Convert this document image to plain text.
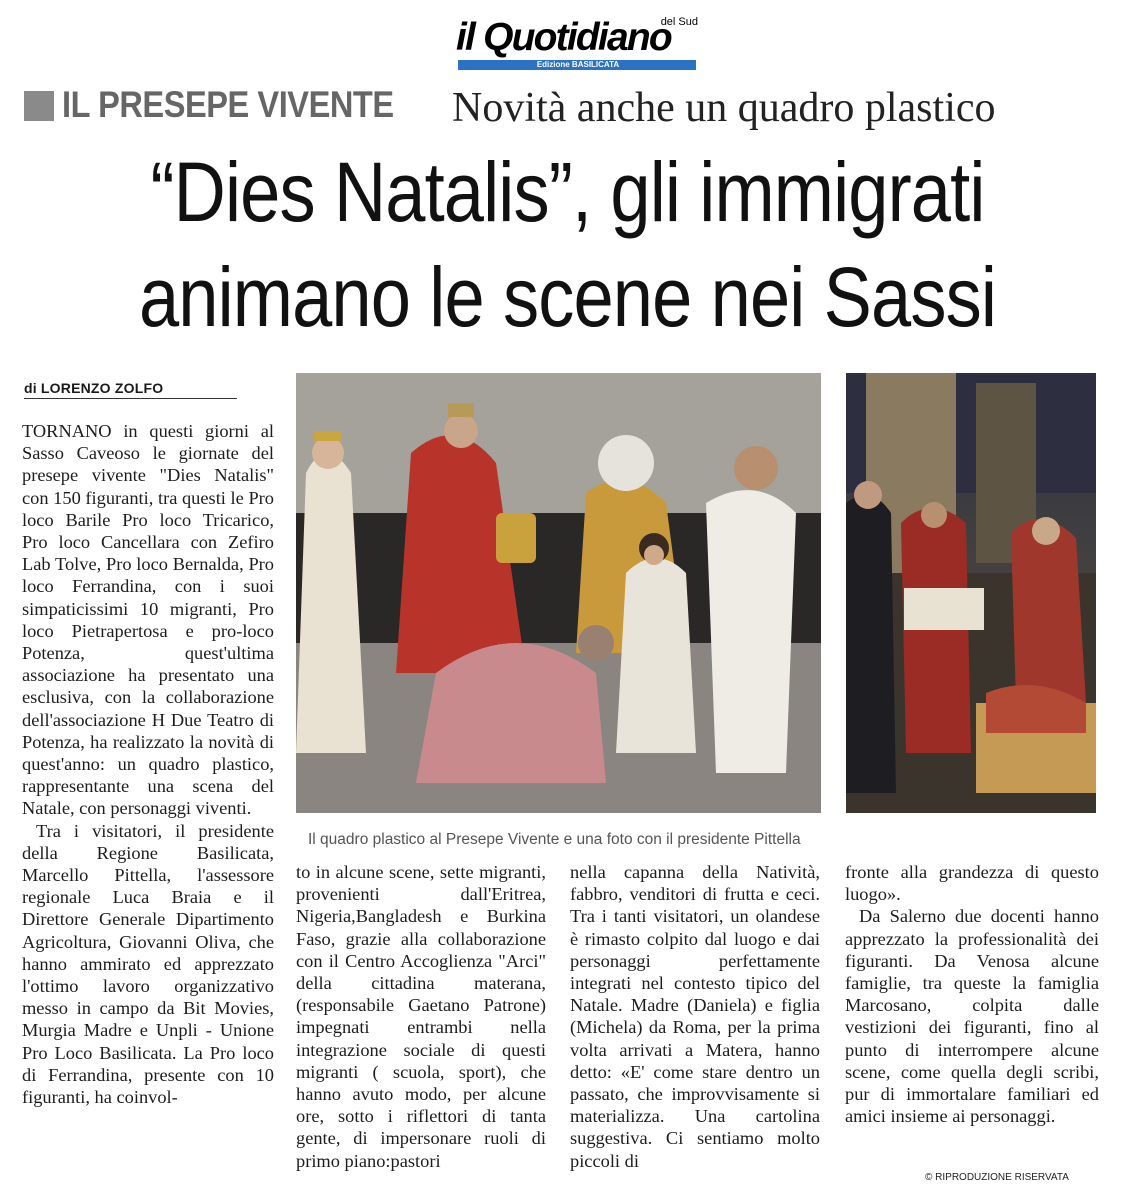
il Quotidiano
del Sud
Edizione BASILICATA
IL PRESEPE VIVENTE Novità anche un quadro plastico
“Dies Natalis”, gli immigrati
animano le scene nei Sassi
di LORENZO ZOLFO

TORNANO in questi giorni al Sasso Caveoso le giornate del presepe vivente "Dies Natalis" con 150 figuranti, tra questi le Pro loco Barile Pro loco Tricarico, Pro loco Cancellara con Zefiro Lab Tolve, Pro loco Bernalda, Pro loco Ferrandina, con i suoi simpaticissimi 10 migranti, Pro loco Pietrapertosa e pro-loco Potenza, quest'ultima associazione ha presentato una esclusiva, con la collaborazione dell'associazione H Due Teatro di Potenza, ha realizzato la novità di quest'anno: un quadro plastico, rappresentante una scena del Natale, con personaggi viventi.

Tra i visitatori, il presidente della Regione Basilicata, Marcello Pittella, l'assessore regionale Luca Braia e il Direttore Generale Dipartimento Agricoltura, Giovanni Oliva, che hanno ammirato ed apprezzato l'ottimo lavoro organizzativo messo in campo da Bit Movies, Murgia Madre e Unpli - Unione Pro Loco Basilicata. La Pro loco di Ferrandina, presente con 10 figuranti, ha coinvol-

Il quadro plastico al Presepe Vivente e una foto con il presidente Pittella

to in alcune scene, sette migranti, provenienti dall'Eritrea, Nigeria,Bangladesh e Burkina Faso, grazie alla collaborazione con il Centro Accoglienza "Arci" della cittadina materana, (responsabile Gaetano Patrone) impegnati entrambi nella integrazione sociale di questi migranti ( scuola, sport), che hanno avuto modo, per alcune ore, sotto i riflettori di tanta gente, di impersonare ruoli di primo piano:pastori

nella capanna della Natività, fabbro, venditori di frutta e ceci. Tra i tanti visitatori, un olandese è rimasto colpito dal luogo e dai personaggi perfettamente integrati nel contesto tipico del Natale. Madre (Daniela) e figlia (Michela) da Roma, per la prima volta arrivati a Matera, hanno detto: «E' come stare dentro un passato, che improvvisamente si materializza. Una cartolina suggestiva. Ci sentiamo molto piccoli di

fronte alla grandezza di questo luogo».

Da Salerno due docenti hanno apprezzato la professionalità dei figuranti. Da Venosa alcune famiglie, tra queste la famiglia Marcosano, colpita dalle vestizioni dei figuranti, fino al punto di interrompere alcune scene, come quella degli scribi, pur di immortalare familiari ed amici insieme ai personaggi.

© RIPRODUZIONE RISERVATA
